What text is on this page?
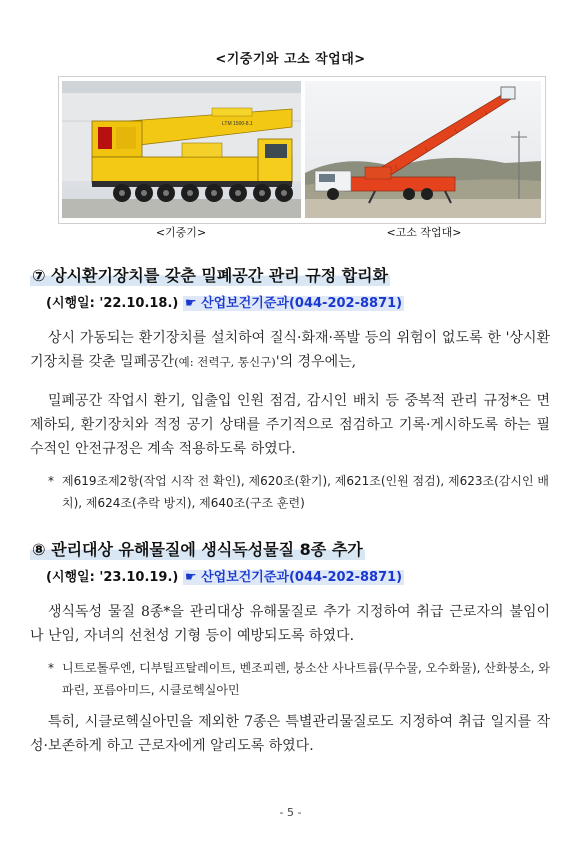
<기중기와 고소 작업대>
LTM 1500-8.1
<기중기>	<고소 작업대>
⑦ 상시환기장치를 갖춘 밀폐공간 관리 규정 합리화
(시행일: '22.10.18.) ☛ 산업보건기준과(044-202-8871)
상시 가동되는 환기장치를 설치하여 질식·화재·폭발 등의 위험이 없도록 한 '상시환기장치를 갖춘 밀폐공간(예: 전력구, 통신구)'의 경우에는,
밀폐공간 작업시 환기, 입출입 인원 점검, 감시인 배치 등 중복적 관리 규정*은 면제하되, 환기장치와 적정 공기 상태를 주기적으로 점검하고 기록·게시하도록 하는 필수적인 안전규정은 계속 적용하도록 하였다.
* 제619조제2항(작업 시작 전 확인), 제620조(환기), 제621조(인원 점검), 제623조(감시인 배치), 제624조(추락 방지), 제640조(구조 훈련)
⑧ 관리대상 유해물질에 생식독성물질 8종 추가
(시행일: '23.10.19.) ☛ 산업보건기준과(044-202-8871)
생식독성 물질 8종*을 관리대상 유해물질로 추가 지정하여 취급 근로자의 불임이나 난임, 자녀의 선천성 기형 등이 예방되도록 하였다.
* 니트로톨루엔, 디부틸프탈레이트, 벤조피렌, 붕소산 사나트륨(무수물, 오수화물), 산화붕소, 와파린, 포름아미드, 시클로헥실아민
특히, 시클로헥실아민을 제외한 7종은 특별관리물질로도 지정하여 취급 일지를 작성·보존하게 하고 근로자에게 알리도록 하였다.
- 5 -
